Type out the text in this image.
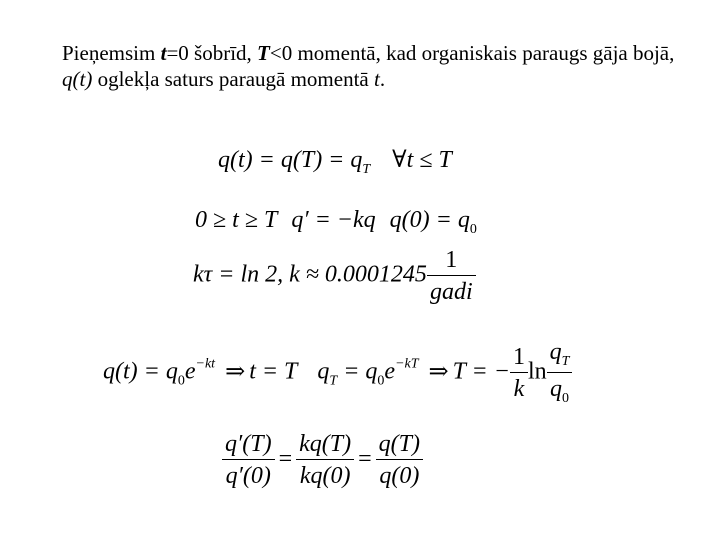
Pieņemsim t=0 šobrīd, T<0 momentā, kad organiskais paraugs gāja bojā, q(t) oglekļa saturs paraugā momentā t.
$q(t) = q(T) = q_T$ ∀t ≤ T
0 ≥ t ≥ T q′ = −kq $q(0) = q_0$
kτ = ln 2, $k \approx 0.0001245 \frac{1}{\text{gadi}}$
$q(t) = q_0e^{-kt}$ ⇒ t = T $q_T = q_0e^{-kT}$ ⇒ T = − $\frac{1}{k}$ $\ln \frac{q_T}{q_0}$
$\frac{q'(T)}{q'(0)} = \frac{kq(T)}{kq(0)} = \frac{q(T)}{q(0)}$
